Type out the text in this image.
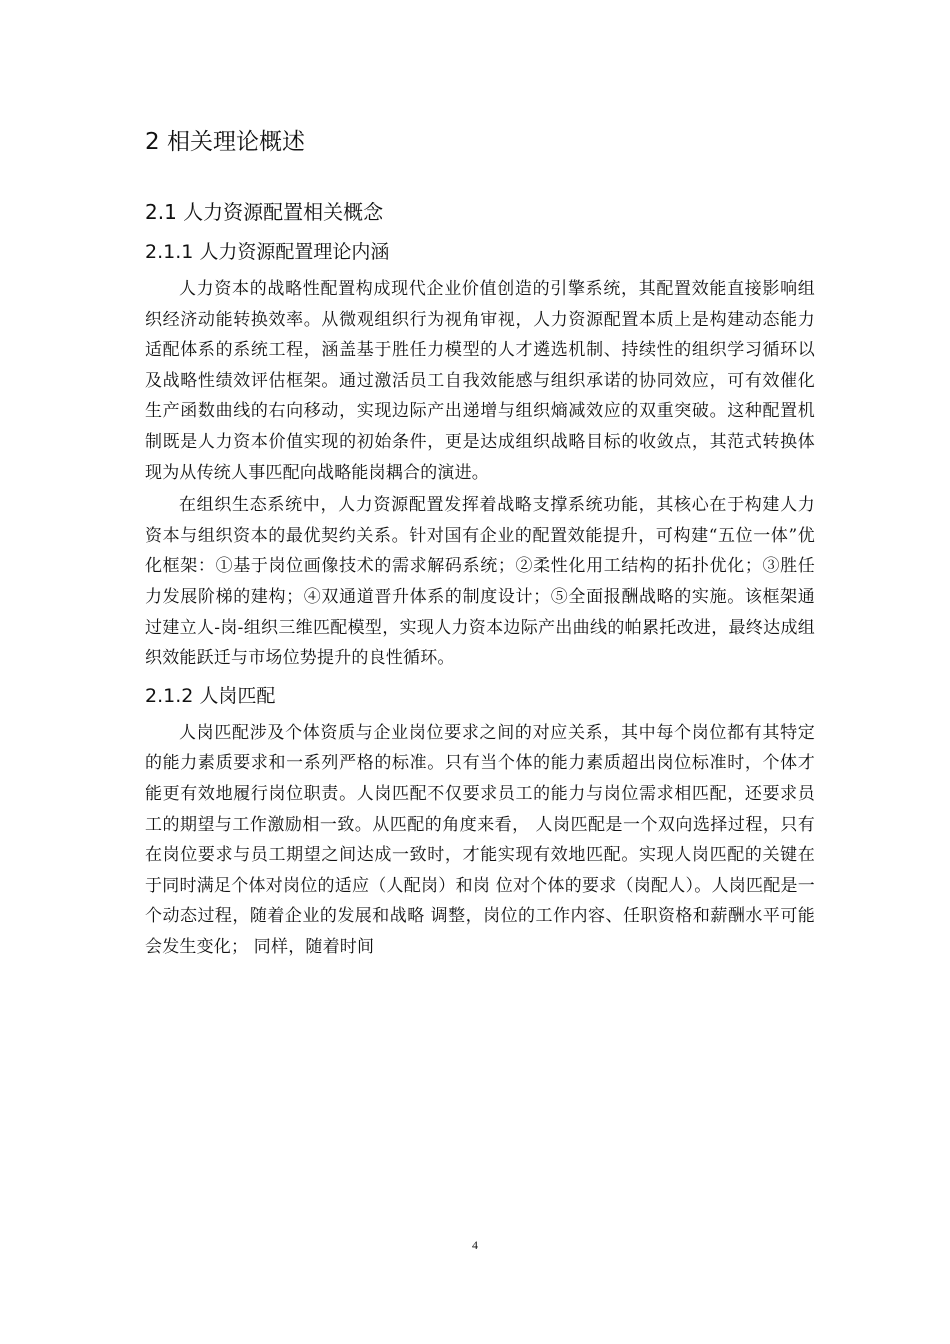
2 相关理论概述
2.1 人力资源配置相关概念
2.1.1 人力资源配置理论内涵

人力资本的战略性配置构成现代企业价值创造的引擎系统，其配置效能直接影响组织经济动能转换效率。从微观组织行为视角审视，人力资源配置本质上是构建动态能力适配体系的系统工程，涵盖基于胜任力模型的人才遴选机制、持续性的组织学习循环以及战略性绩效评估框架。通过激活员工自我效能感与组织承诺的协同效应，可有效催化生产函数曲线的右向移动，实现边际产出递增与组织熵减效应的双重突破。这种配置机制既是人力资本价值实现的初始条件，更是达成组织战略目标的收敛点，其范式转换体现为从传统人事匹配向战略能岗耦合的演进。

在组织生态系统中，人力资源配置发挥着战略支撑系统功能，其核心在于构建人力资本与组织资本的最优契约关系。针对国有企业的配置效能提升，可构建“五位一体”优化框架：①基于岗位画像技术的需求解码系统；②柔性化用工结构的拓扑优化；③胜任力发展阶梯的建构；④双通道晋升体系的制度设计；⑤全面报酬战略的实施。该框架通过建立人-岗-组织三维匹配模型，实现人力资本边际产出曲线的帕累托改进，最终达成组织效能跃迁与市场位势提升的良性循环。

2.1.2 人岗匹配

人岗匹配涉及个体资质与企业岗位要求之间的对应关系，其中每个岗位都有其特定的能力素质要求和一系列严格的标准。只有当个体的能力素质超出岗位标准时，个体才能更有效地履行岗位职责。人岗匹配不仅要求员工的能力与岗位需求相匹配，还要求员工的期望与工作激励相一致。从匹配的角度来看， 人岗匹配是一个双向选择过程，只有在岗位要求与员工期望之间达成一致时，才能实现有效地匹配。实现人岗匹配的关键在于同时满足个体对岗位的适应（人配岗）和岗 位对个体的要求（岗配人）。人岗匹配是一个动态过程，随着企业的发展和战略 调整，岗位的工作内容、任职资格和薪酬水平可能会发生变化； 同样，随着时间

4
